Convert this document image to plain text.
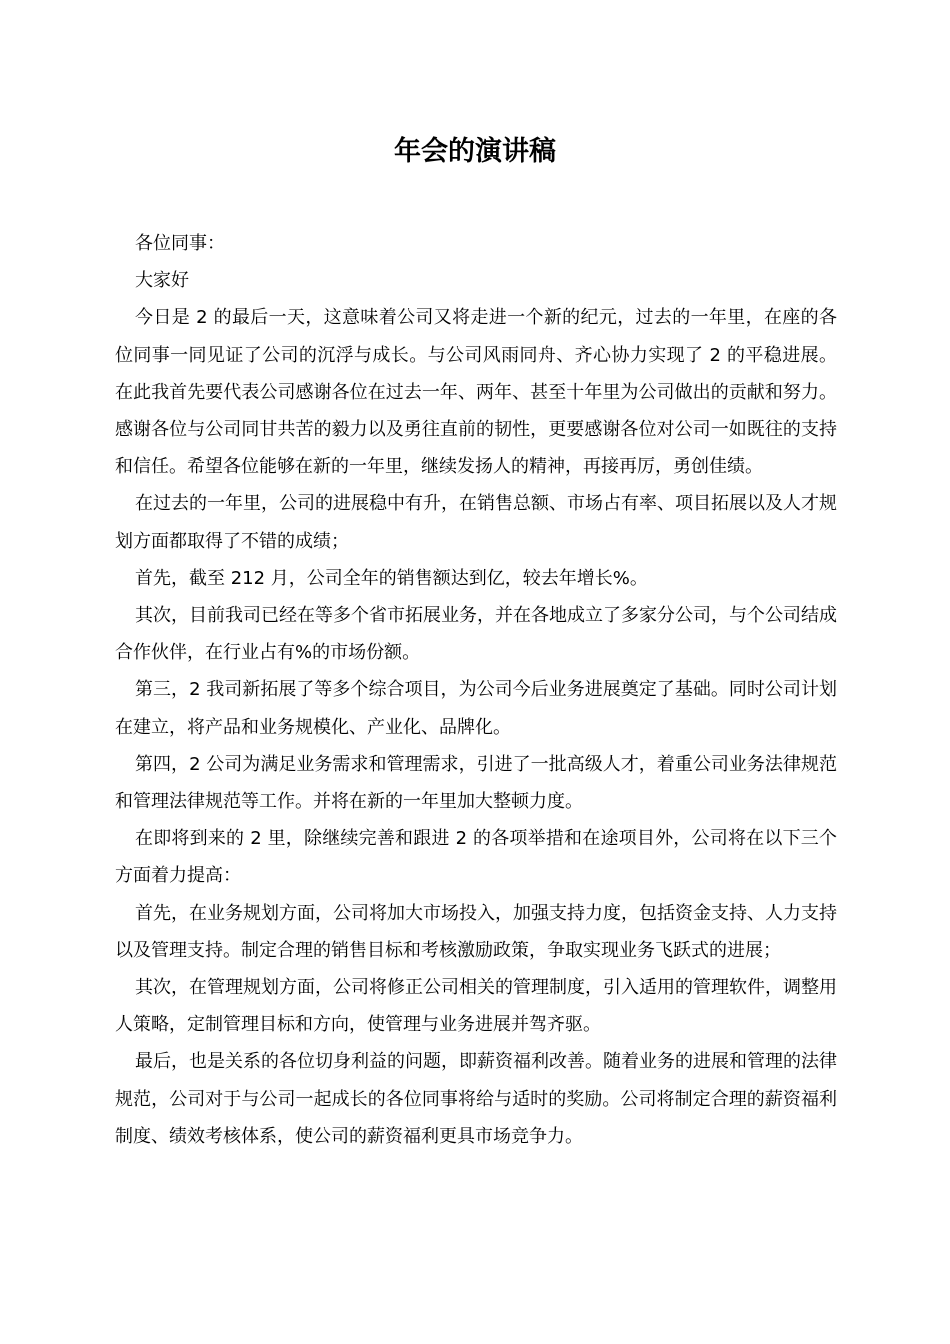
年会的演讲稿

各位同事：

大家好

今日是 2 的最后一天，这意味着公司又将走进一个新的纪元，过去的一年里，在座的各位同事一同见证了公司的沉浮与成长。与公司风雨同舟、齐心协力实现了 2 的平稳进展。在此我首先要代表公司感谢各位在过去一年、两年、甚至十年里为公司做出的贡献和努力。感谢各位与公司同甘共苦的毅力以及勇往直前的韧性，更要感谢各位对公司一如既往的支持和信任。希望各位能够在新的一年里，继续发扬人的精神，再接再厉，勇创佳绩。

在过去的一年里，公司的进展稳中有升，在销售总额、市场占有率、项目拓展以及人才规划方面都取得了不错的成绩；

首先，截至 212 月，公司全年的销售额达到亿，较去年增长%。

其次，目前我司已经在等多个省市拓展业务，并在各地成立了多家分公司，与个公司结成合作伙伴，在行业占有%的市场份额。

第三，2 我司新拓展了等多个综合项目，为公司今后业务进展奠定了基础。同时公司计划在建立，将产品和业务规模化、产业化、品牌化。

第四，2 公司为满足业务需求和管理需求，引进了一批高级人才，着重公司业务法律规范和管理法律规范等工作。并将在新的一年里加大整顿力度。

在即将到来的 2 里，除继续完善和跟进 2 的各项举措和在途项目外，公司将在以下三个方面着力提高：

首先，在业务规划方面，公司将加大市场投入，加强支持力度，包括资金支持、人力支持以及管理支持。制定合理的销售目标和考核激励政策，争取实现业务飞跃式的进展；

其次，在管理规划方面，公司将修正公司相关的管理制度，引入适用的管理软件，调整用人策略，定制管理目标和方向，使管理与业务进展并驾齐驱。

最后，也是关系的各位切身利益的问题，即薪资福利改善。随着业务的进展和管理的法律规范，公司对于与公司一起成长的各位同事将给与适时的奖励。公司将制定合理的薪资福利制度、绩效考核体系，使公司的薪资福利更具市场竞争力。
